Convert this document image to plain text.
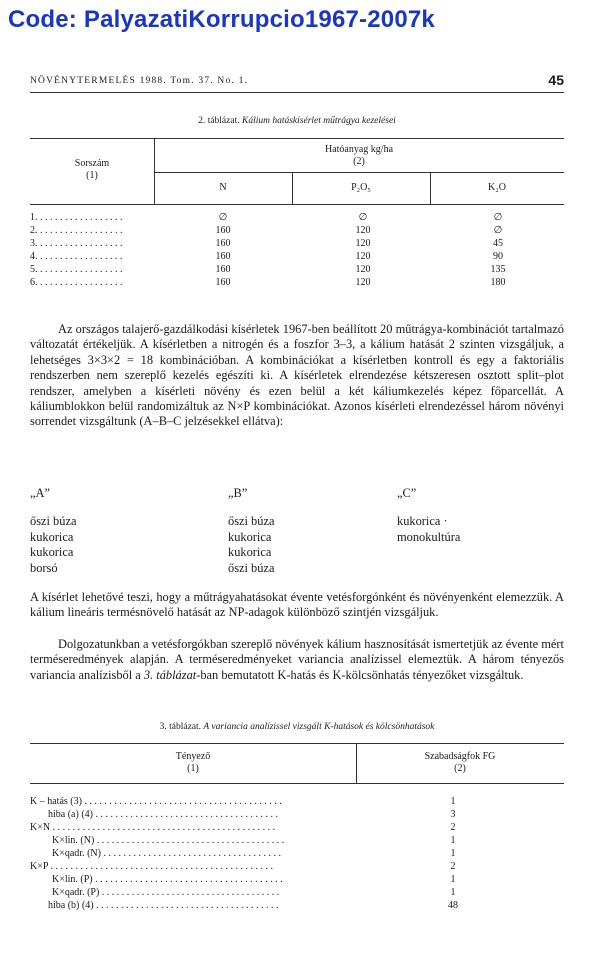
Code: PalyazatiKorrupcio1967-2007k
NÖVÉNYTERMELÉS 1988. Tom. 37. No. 1.	45
2. táblázat. Kálium hatáskísérlet műtrágya kezelései
Sorszám
(1)
Hatóanyag kg/ha
(2)
N	P₂O₅	K₂O
1. . . . . . . . . . . . . . . . . .	∅	∅	∅
2. . . . . . . . . . . . . . . . . .	160	120	∅
3. . . . . . . . . . . . . . . . . .	160	120	45
4. . . . . . . . . . . . . . . . . .	160	120	90
5. . . . . . . . . . . . . . . . . .	160	120	135
6. . . . . . . . . . . . . . . . . .	160	120	180

Az országos talajerő-gazdálkodási kísérletek 1967-ben beállított 20 műtrágya-kombinációt tartalmazó változatát értékeljük. A kísérletben a nitrogén és a foszfor 3–3, a kálium hatását 2 szinten vizsgáljuk, a lehetséges 3×3×2 = 18 kombinációban. A kombinációkat a kísérletben kontroll és egy a faktoriális rendszerben nem szereplő kezelés egészíti ki. A kísérletek elrendezése kétszeresen osztott split–plot rendszer, amelyben a kísérleti növény és ezen belül a két káliumkezelés képez főparcellát. A káliumblokkon belül randomizáltuk az N×P kombinációkat. Azonos kísérleti elrendezéssel három növényi sorrendet vizsgáltunk (A–B–C jelzésekkel ellátva):

„A”
őszi búza
kukorica
kukorica
borsó
„B”
őszi búza
kukorica
kukorica
őszi búza
„C”
kukorica ·
monokultúra

A kísérlet lehetővé teszi, hogy a műtrágyahatásokat évente vetésforgónként és növényenként elemezzük. A kálium lineáris termésnövelő hatását az NP-adagok különböző szintjén vizsgáljuk.

Dolgozatunkban a vetésforgókban szereplő növények kálium hasznosítását ismertetjük az évente mért terméseredmények alapján. A terméseredményeket variancia analízissel elemeztük. A három tényezős variancia analízisből a 3. táblázat-ban bemutatott K-hatás és K-kölcsönhatás tényezőket vizsgáltuk.

3. táblázat. A variancia analízissel vizsgált K-hatások és kölcsönhatások
Tényező
(1)
Szabadságfok FG
(2)
K – hatás (3) . . . . . . . . . . . . . . . . . . . . . . . . . . . . . . . . . . . . . . . .	1
hiba (a) (4) . . . . . . . . . . . . . . . . . . . . . . . . . . . . . . . . . . . . .	3
K×N . . . . . . . . . . . . . . . . . . . . . . . . . . . . . . . . . . . . . . . . . . . . .	2
K×lin. (N) . . . . . . . . . . . . . . . . . . . . . . . . . . . . . . . . . . . . . .	1
K×qadr. (N) . . . . . . . . . . . . . . . . . . . . . . . . . . . . . . . . . . . .	1
K×P . . . . . . . . . . . . . . . . . . . . . . . . . . . . . . . . . . . . . . . . . . . . .	2
K×lin. (P) . . . . . . . . . . . . . . . . . . . . . . . . . . . . . . . . . . . . . .	1
K×qadr. (P) . . . . . . . . . . . . . . . . . . . . . . . . . . . . . . . . . . . .	1
hiba (b) (4) . . . . . . . . . . . . . . . . . . . . . . . . . . . . . . . . . . . . .	48
